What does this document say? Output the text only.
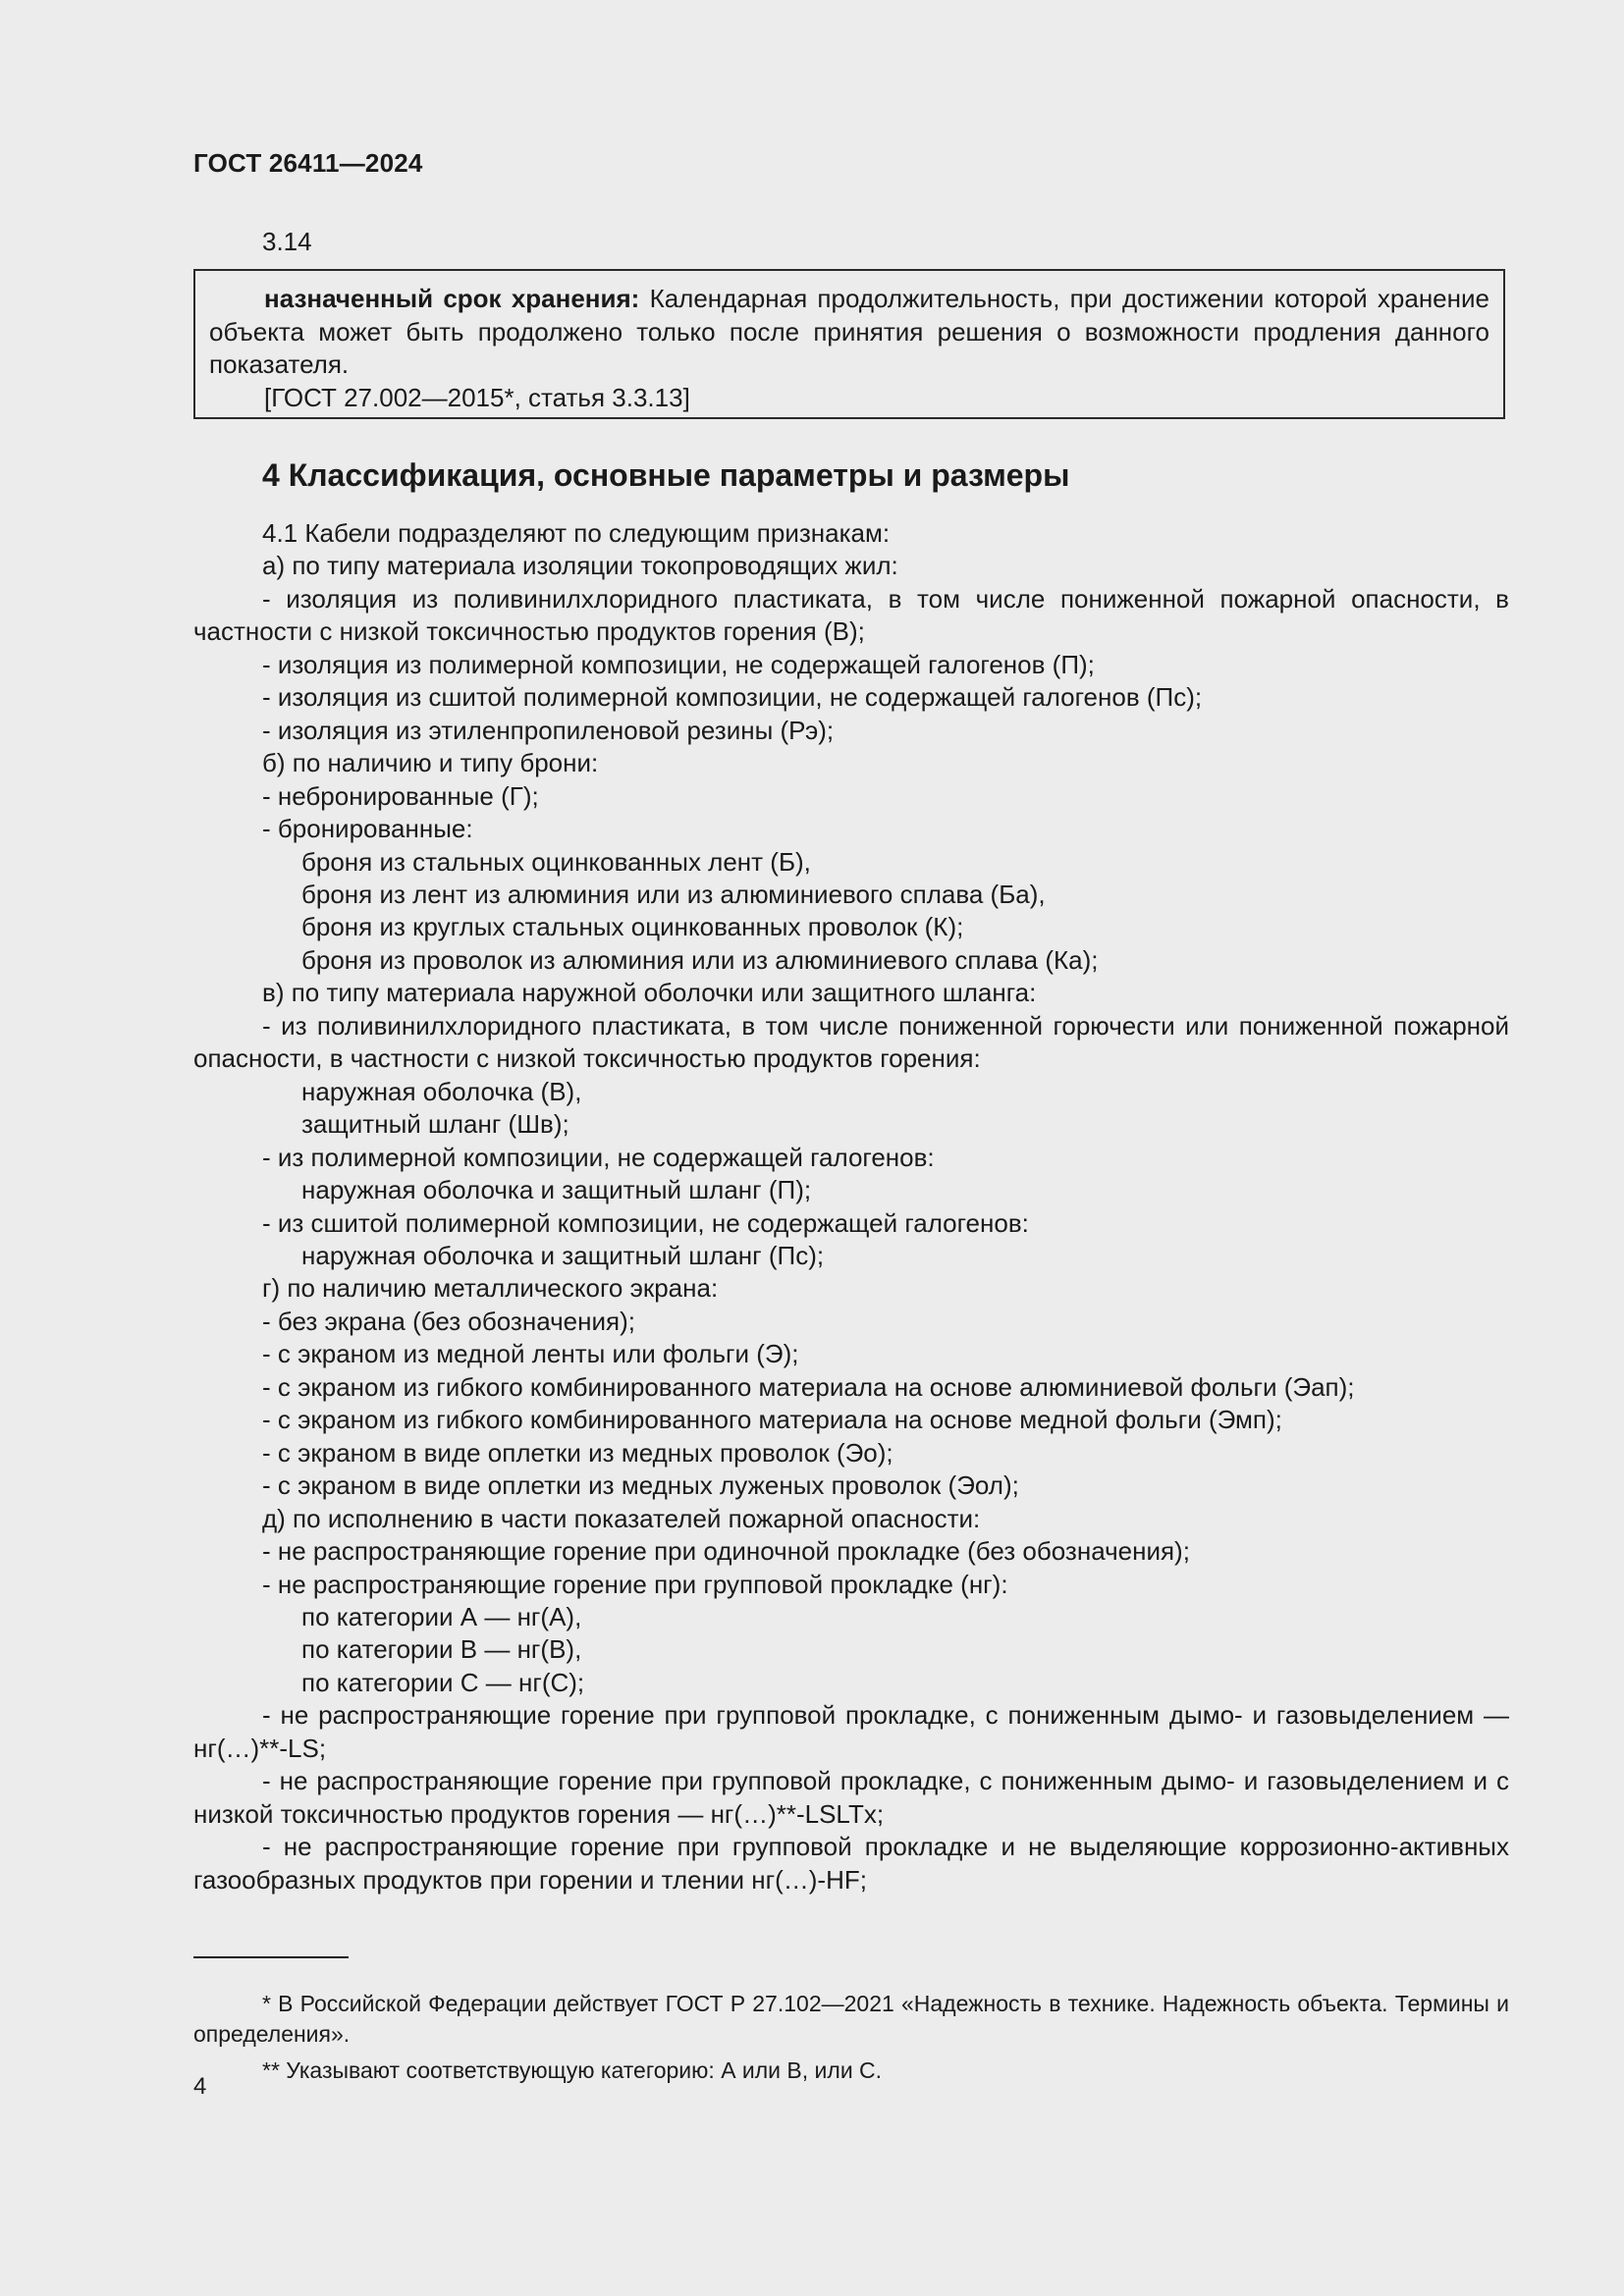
ГОСТ 26411—2024
3.14

назначенный срок хранения: Календарная продолжительность, при достижении которой хранение объекта может быть продолжено только после принятия решения о возможности продления данного показателя.

[ГОСТ 27.002—2015*, статья 3.3.13]

4 Классификация, основные параметры и размеры

4.1 Кабели подразделяют по следующим признакам:

а) по типу материала изоляции токопроводящих жил:

- изоляция из поливинилхлоридного пластиката, в том числе пониженной пожарной опасности, в частности с низкой токсичностью продуктов горения (В);

- изоляция из полимерной композиции, не содержащей галогенов (П);

- изоляция из сшитой полимерной композиции, не содержащей галогенов (Пс);

- изоляция из этиленпропиленовой резины (Рэ);

б) по наличию и типу брони:

- небронированные (Г);

- бронированные:

броня из стальных оцинкованных лент (Б),

броня из лент из алюминия или из алюминиевого сплава (Ба),

броня из круглых стальных оцинкованных проволок (К);

броня из проволок из алюминия или из алюминиевого сплава (Ка);

в) по типу материала наружной оболочки или защитного шланга:

- из поливинилхлоридного пластиката, в том числе пониженной горючести или пониженной пожарной опасности, в частности с низкой токсичностью продуктов горения:

наружная оболочка (В),

защитный шланг (Шв);

- из полимерной композиции, не содержащей галогенов:

наружная оболочка и защитный шланг (П);

- из сшитой полимерной композиции, не содержащей галогенов:

наружная оболочка и защитный шланг (Пс);

г) по наличию металлического экрана:

- без экрана (без обозначения);

- с экраном из медной ленты или фольги (Э);

- с экраном из гибкого комбинированного материала на основе алюминиевой фольги (Эап);

- с экраном из гибкого комбинированного материала на основе медной фольги (Эмп);

- с экраном в виде оплетки из медных проволок (Эо);

- с экраном в виде оплетки из медных луженых проволок (Эол);

д) по исполнению в части показателей пожарной опасности:

- не распространяющие горение при одиночной прокладке (без обозначения);

- не распространяющие горение при групповой прокладке (нг):

по категории А — нг(А),

по категории В — нг(В),

по категории С — нг(С);

- не распространяющие горение при групповой прокладке, с пониженным дымо- и газовыделением — нг(…)**-LS;

- не распространяющие горение при групповой прокладке, с пониженным дымо- и газовыделением и с низкой токсичностью продуктов горения — нг(…)**-LSLTx;

- не распространяющие горение при групповой прокладке и не выделяющие коррозионно-активных газообразных продуктов при горении и тлении нг(…)-HF;

* В Российской Федерации действует ГОСТ Р 27.102—2021 «Надежность в технике. Надежность объекта. Термины и определения».

** Указывают соответствующую категорию: А или В, или С.

4
